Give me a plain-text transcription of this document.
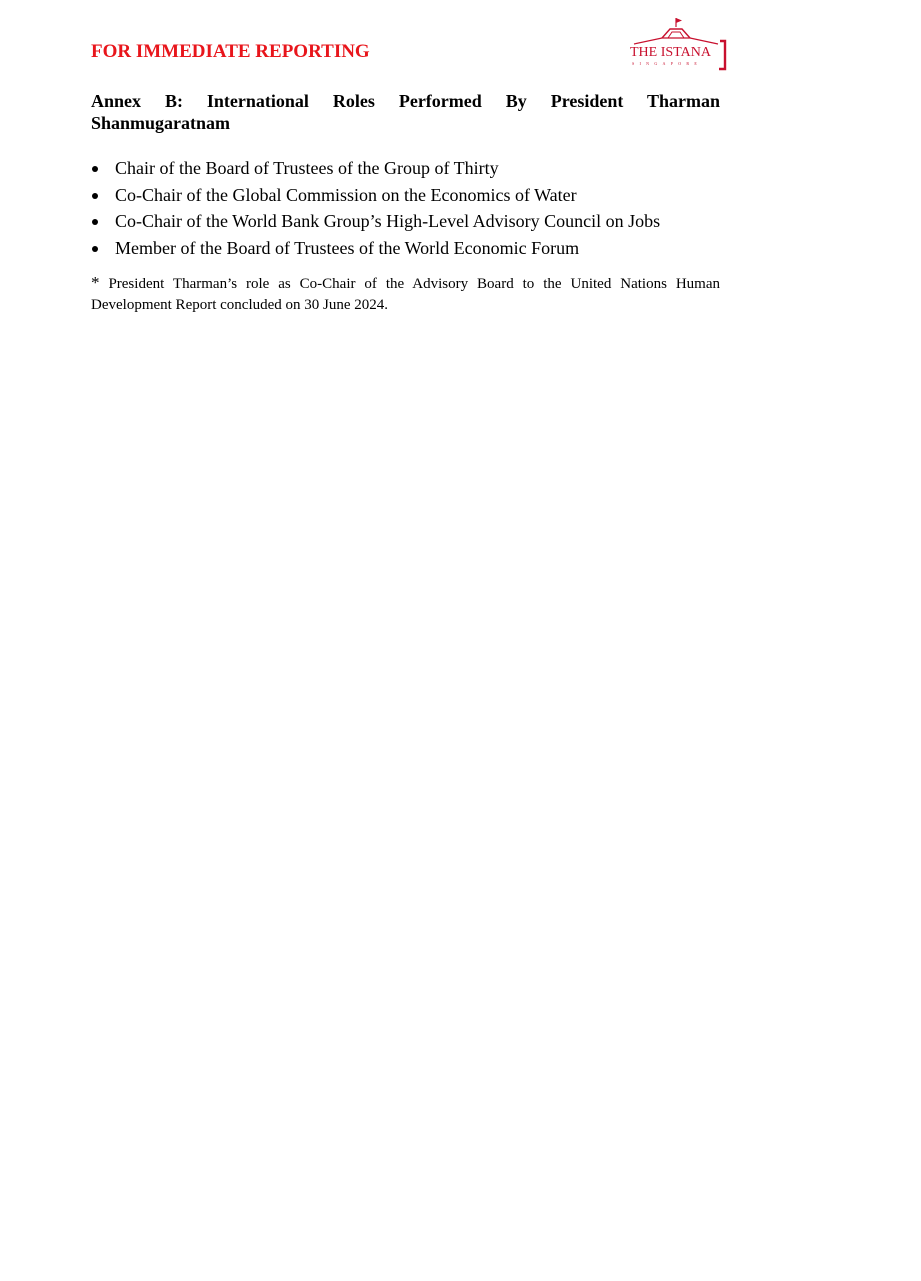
FOR IMMEDIATE REPORTING	THE ISTANA
SINGAPORE
Annex B: International Roles Performed By President Tharman
Shanmugaratnam
Chair of the Board of Trustees of the Group of Thirty
Co-Chair of the Global Commission on the Economics of Water
Co-Chair of the World Bank Group’s High-Level Advisory Council on Jobs
Member of the Board of Trustees of the World Economic Forum
* President Tharman’s role as Co-Chair of the Advisory Board to the United Nations Human Development Report concluded on 30 June 2024.
